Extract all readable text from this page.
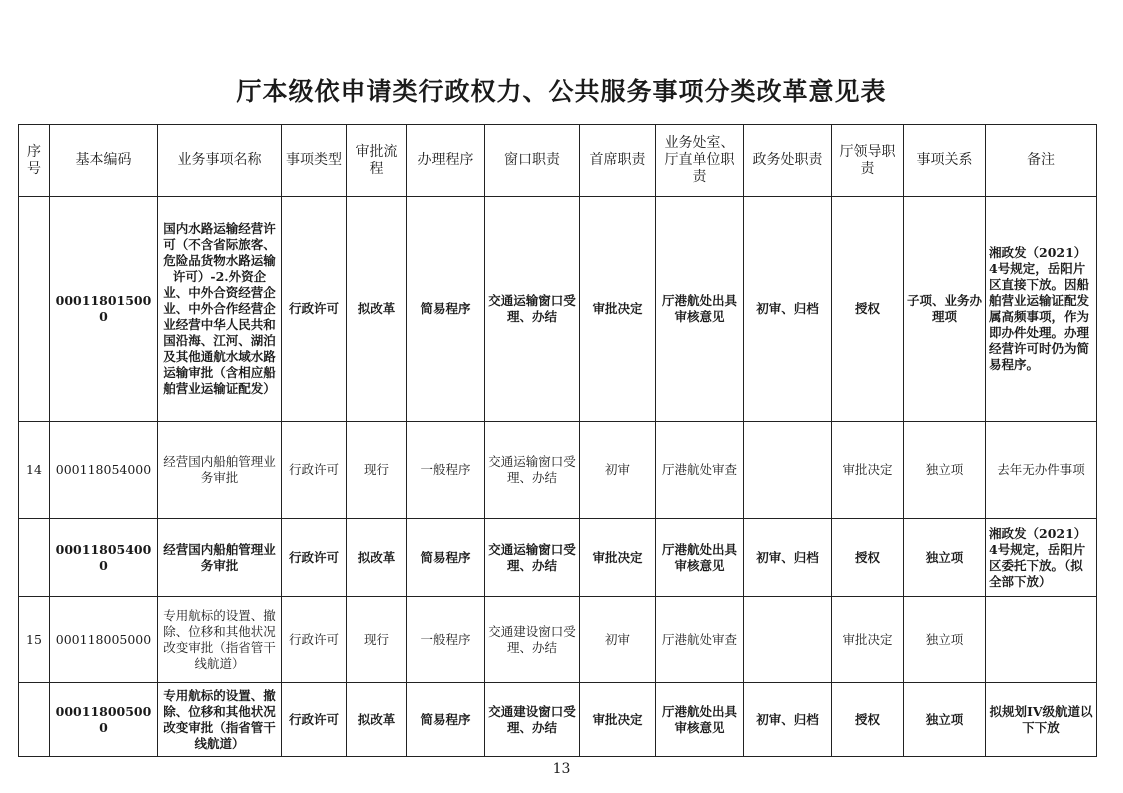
厅本级依申请类行政权力、公共服务事项分类改革意见表
序号	基本编码	业务事项名称	事项类型	审批流程	办理程序	窗口职责	首席职责	业务处室、厅直单位职责	政务处职责	厅领导职责	事项关系	备注
	000118015000	国内水路运输经营许可（不含省际旅客、危险品货物水路运输许可）-2.外资企业、中外合资经营企业、中外合作经营企业经营中华人民共和国沿海、江河、湖泊及其他通航水域水路运输审批（含相应船舶营业运输证配发）	行政许可	拟改革	简易程序	交通运输窗口受理、办结	审批决定	厅港航处出具审核意见	初审、归档	授权	子项、业务办理项	湘政发（2021）4号规定，岳阳片区直接下放。因船舶营业运输证配发属高频事项，作为即办件处理。办理经营许可时仍为简易程序。
14	000118054000	经营国内船舶管理业务审批	行政许可	现行	一般程序	交通运输窗口受理、办结	初审	厅港航处审查		审批决定	独立项	去年无办件事项
	000118054000	经营国内船舶管理业务审批	行政许可	拟改革	简易程序	交通运输窗口受理、办结	审批决定	厅港航处出具审核意见	初审、归档	授权	独立项	湘政发（2021）4号规定，岳阳片区委托下放。（拟全部下放）
15	000118005000	专用航标的设置、撤除、位移和其他状况改变审批（指省管干线航道）	行政许可	现行	一般程序	交通建设窗口受理、办结	初审	厅港航处审查		审批决定	独立项	
	000118005000	专用航标的设置、撤除、位移和其他状况改变审批（指省管干线航道）	行政许可	拟改革	简易程序	交通建设窗口受理、办结	审批决定	厅港航处出具审核意见	初审、归档	授权	独立项	拟规划IV级航道以下下放
13
